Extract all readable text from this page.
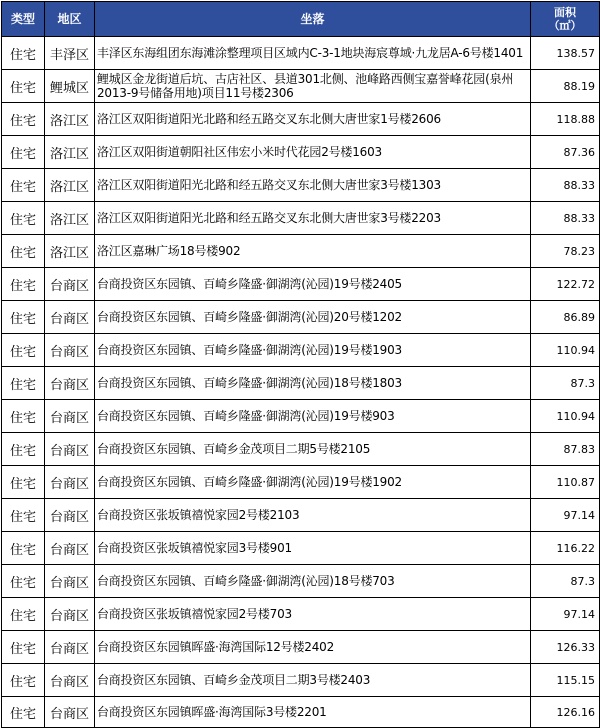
类型	地区	坐落	面积
（㎡）
住宅	丰泽区	丰泽区东海组团东海滩涂整理项目区域内C-3-1地块海宸尊域·九龙居A-6号楼1401	138.57
住宅	鲤城区	鲤城区金龙街道后坑、古店社区、县道301北侧、池峰路西侧宝嘉誉峰花园(泉州2013-9号储备用地)项目11号楼2306	88.19
住宅	洛江区	洛江区双阳街道阳光北路和经五路交叉东北侧大唐世家1号楼2606	118.88
住宅	洛江区	洛江区双阳街道朝阳社区伟宏小米时代花园2号楼1603	87.36
住宅	洛江区	洛江区双阳街道阳光北路和经五路交叉东北侧大唐世家3号楼1303	88.33
住宅	洛江区	洛江区双阳街道阳光北路和经五路交叉东北侧大唐世家3号楼2203	88.33
住宅	洛江区	洛江区嘉琳广场18号楼902	78.23
住宅	台商区	台商投资区东园镇、百崎乡隆盛·御湖湾(沁园)19号楼2405	122.72
住宅	台商区	台商投资区东园镇、百崎乡隆盛·御湖湾(沁园)20号楼1202	86.89
住宅	台商区	台商投资区东园镇、百崎乡隆盛·御湖湾(沁园)19号楼1903	110.94
住宅	台商区	台商投资区东园镇、百崎乡隆盛·御湖湾(沁园)18号楼1803	87.3
住宅	台商区	台商投资区东园镇、百崎乡隆盛·御湖湾(沁园)19号楼903	110.94
住宅	台商区	台商投资区东园镇、百崎乡金茂项目二期5号楼2105	87.83
住宅	台商区	台商投资区东园镇、百崎乡隆盛·御湖湾(沁园)19号楼1902	110.87
住宅	台商区	台商投资区张坂镇禧悦家园2号楼2103	97.14
住宅	台商区	台商投资区张坂镇禧悦家园3号楼901	116.22
住宅	台商区	台商投资区东园镇、百崎乡隆盛·御湖湾(沁园)18号楼703	87.3
住宅	台商区	台商投资区张坂镇禧悦家园2号楼703	97.14
住宅	台商区	台商投资区东园镇晖盛·海湾国际12号楼2402	126.33
住宅	台商区	台商投资区东园镇、百崎乡金茂项目二期3号楼2403	115.15
住宅	台商区	台商投资区东园镇晖盛·海湾国际3号楼2201	126.16
